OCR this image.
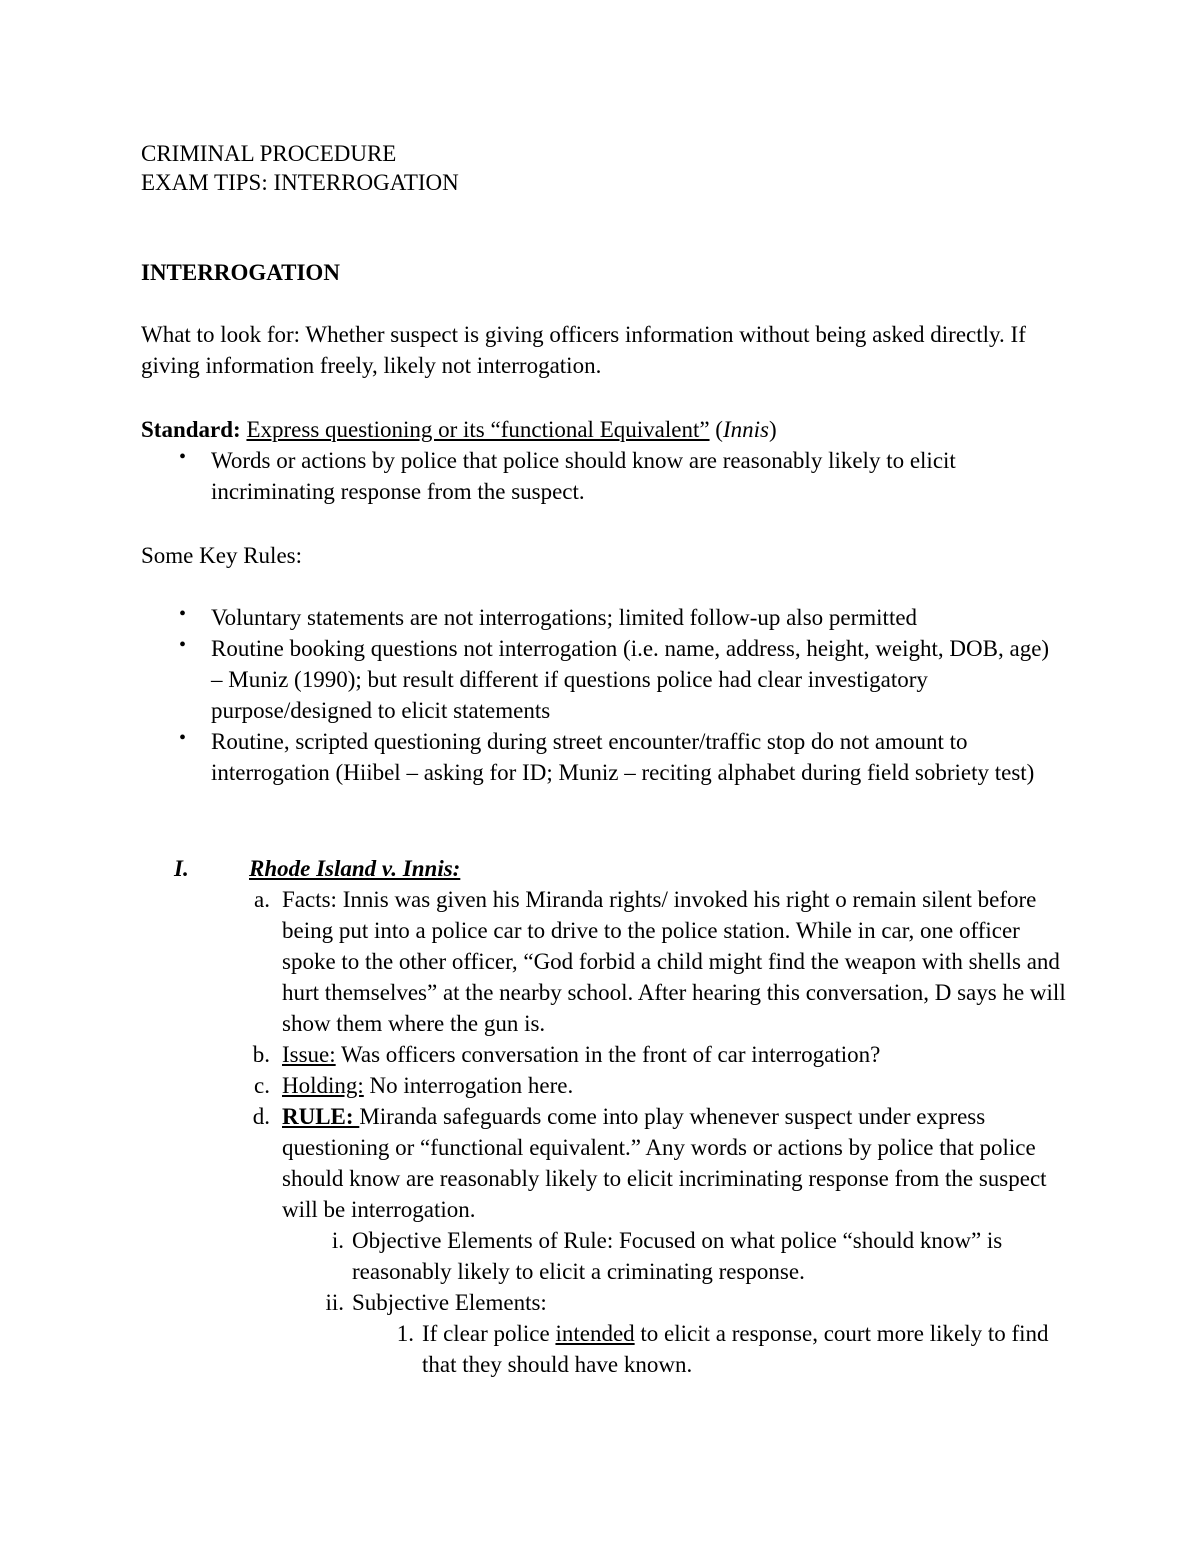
CRIMINAL PROCEDURE
EXAM TIPS: INTERROGATION
INTERROGATION

What to look for: Whether suspect is giving officers information without being asked directly. If giving information freely, likely not interrogation.

Standard: Express questioning or its “functional Equivalent” (Innis)
• Words or actions by police that police should know are reasonably likely to elicit incriminating response from the suspect.
Some Key Rules:
• Voluntary statements are not interrogations; limited follow-up also permitted
• Routine booking questions not interrogation (i.e. name, address, height, weight, DOB, age) – Muniz (1990); but result different if questions police had clear investigatory purpose/designed to elicit statements
• Routine, scripted questioning during street encounter/traffic stop do not amount to interrogation (Hiibel – asking for ID; Muniz – reciting alphabet during field sobriety test)
I.	Rhode Island v. Innis:
a. Facts: Innis was given his Miranda rights/ invoked his right o remain silent before being put into a police car to drive to the police station. While in car, one officer spoke to the other officer, “God forbid a child might find the weapon with shells and hurt themselves” at the nearby school. After hearing this conversation, D says he will show them where the gun is.
b. Issue: Was officers conversation in the front of car interrogation?
c. Holding: No interrogation here.
d. RULE: Miranda safeguards come into play whenever suspect under express questioning or “functional equivalent.” Any words or actions by police that police should know are reasonably likely to elicit incriminating response from the suspect will be interrogation.
i. Objective Elements of Rule: Focused on what police “should know” is reasonably likely to elicit a criminating response.
ii. Subjective Elements:
1. If clear police intended to elicit a response, court more likely to find that they should have known.
